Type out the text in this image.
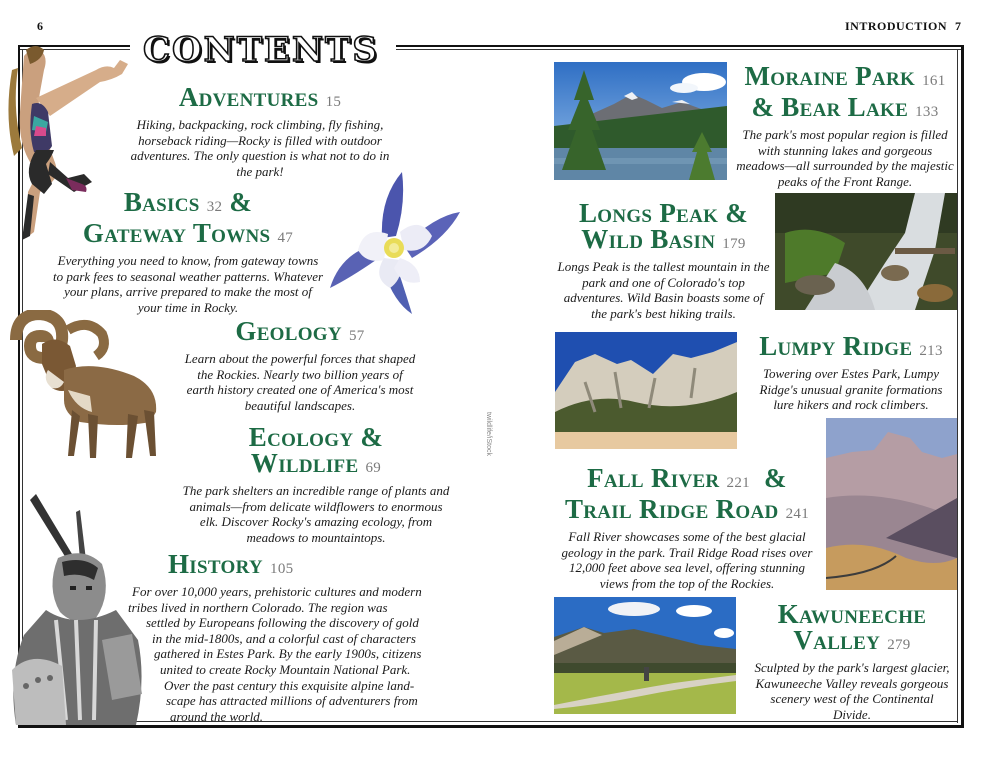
6	INTRODUCTION 7
CONTENTS
Adventures 15
Hiking, backpacking, rock climbing, fly fishing, horseback riding—Rocky is filled with outdoor adventures. The only question is what not to do in the park!
Basics 32 &
Gateway Towns 47
Everything you need to know, from gateway towns to park fees to seasonal weather patterns. Whatever your plans, arrive prepared to make the most of your time in Rocky.
Geology 57
Learn about the powerful forces that shaped the Rockies. Nearly two billion years of earth history created one of America's most beautiful landscapes.
Ecology &
Wildlife 69
The park shelters an incredible range of plants and animals—from delicate wildflowers to enormous elk. Discover Rocky's amazing ecology, from meadows to mountaintops.
History 105
For over 10,000 years, prehistoric cultures and modern
tribes lived in northern Colorado. The region was
settled by Europeans following the discovery of gold
in the mid-1800s, and a colorful cast of characters
gathered in Estes Park. By the early 1900s, citizens
united to create Rocky Mountain National Park.
Over the past century this exquisite alpine land-
scape has attracted millions of adventurers from
around the world.
twildlife/iStock
Moraine Park 161
& Bear Lake 133
The park's most popular region is filled with stunning lakes and gorgeous meadows—all surrounded by the majestic peaks of the Front Range.
Longs Peak &
Wild Basin 179
Longs Peak is the tallest mountain in the park and one of Colorado's top adventures. Wild Basin boasts some of the park's best hiking trails.
Lumpy Ridge 213
Towering over Estes Park, Lumpy Ridge's unusual granite formations lure hikers and rock climbers.
Fall River 221 &
Trail Ridge Road 241
Fall River showcases some of the best glacial geology in the park. Trail Ridge Road rises over 12,000 feet above sea level, offering stunning views from the top of the Rockies.
Kawuneeche
Valley 279
Sculpted by the park's largest glacier, Kawuneeche Valley reveals gorgeous scenery west of the Continental Divide.
